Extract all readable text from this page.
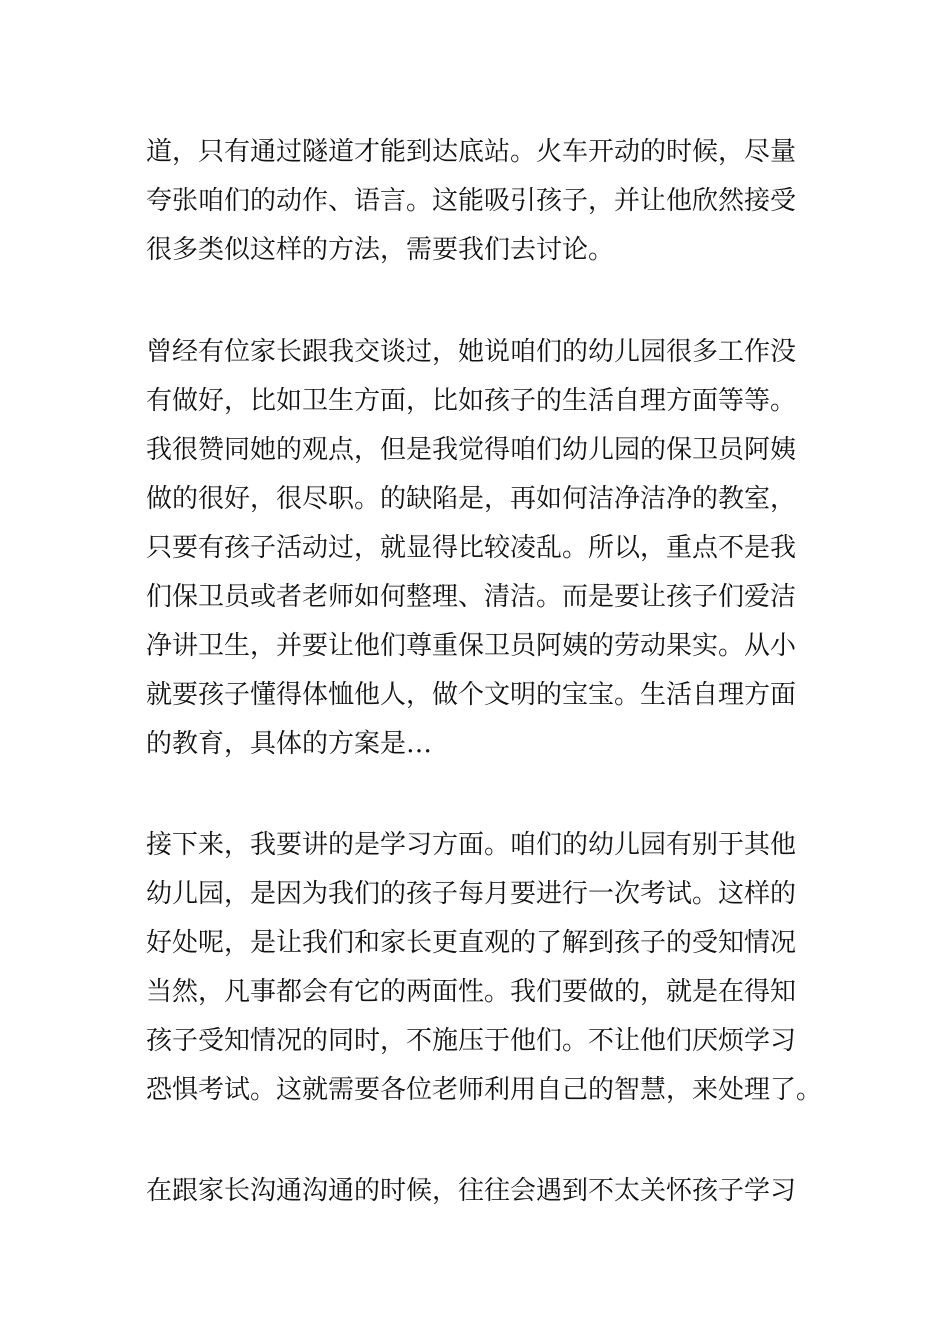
道，只有通过隧道才能到达底站。火车开动的时候，尽量
夸张咱们的动作、语言。这能吸引孩子，并让他欣然接受
很多类似这样的方法，需要我们去讨论。
曾经有位家长跟我交谈过，她说咱们的幼儿园很多工作没
有做好，比如卫生方面，比如孩子的生活自理方面等等。
我很赞同她的观点，但是我觉得咱们幼儿园的保卫员阿姨
做的很好，很尽职。的缺陷是，再如何洁净洁净的教室，
只要有孩子活动过，就显得比较凌乱。所以，重点不是我
们保卫员或者老师如何整理、清洁。而是要让孩子们爱洁
净讲卫生，并要让他们尊重保卫员阿姨的劳动果实。从小
就要孩子懂得体恤他人，做个文明的宝宝。生活自理方面
的教育，具体的方案是…
接下来，我要讲的是学习方面。咱们的幼儿园有别于其他
幼儿园，是因为我们的孩子每月要进行一次考试。这样的
好处呢，是让我们和家长更直观的了解到孩子的受知情况
当然，凡事都会有它的两面性。我们要做的，就是在得知
孩子受知情况的同时，不施压于他们。不让他们厌烦学习
恐惧考试。这就需要各位老师利用自己的智慧，来处理了。
在跟家长沟通沟通的时候，往往会遇到不太关怀孩子学习
